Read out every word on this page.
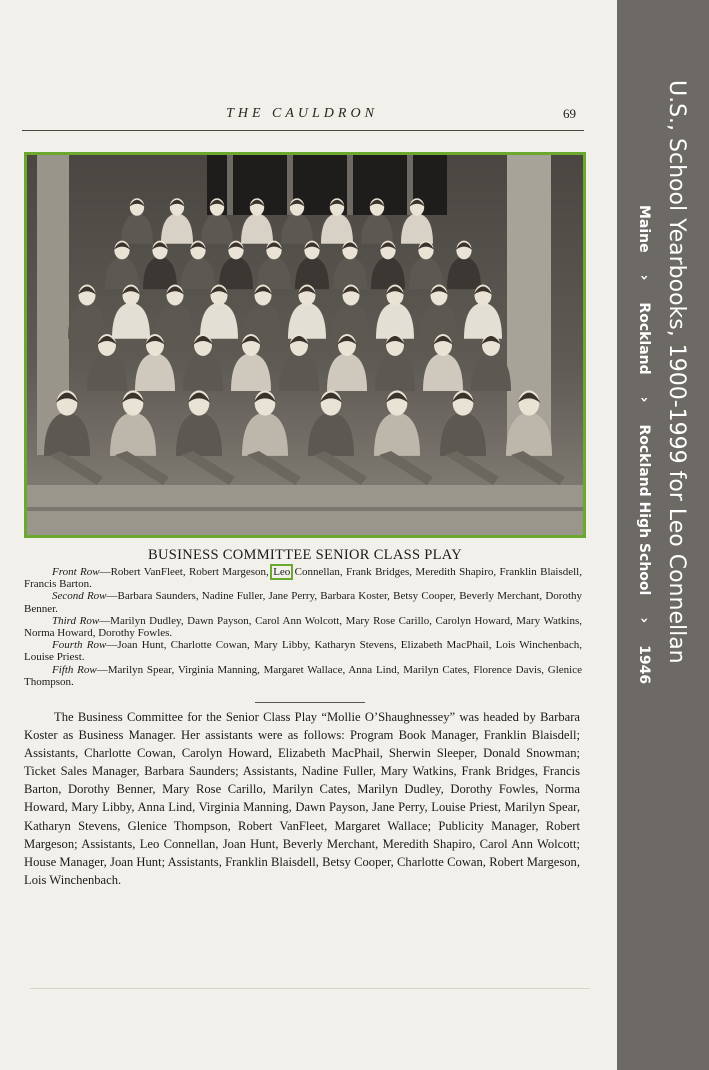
THE CAULDRON	69
BUSINESS COMMITTEE SENIOR CLASS PLAY

Front Row—Robert VanFleet, Robert Margeson, Leo Connellan, Frank Bridges, Meredith Shapiro, Franklin Blaisdell, Francis Barton.

Second Row—Barbara Saunders, Nadine Fuller, Jane Perry, Barbara Koster, Betsy Cooper, Beverly Merchant, Dorothy Benner.

Third Row—Marilyn Dudley, Dawn Payson, Carol Ann Wolcott, Mary Rose Carillo, Carolyn Howard, Mary Watkins, Norma Howard, Dorothy Fowles.

Fourth Row—Joan Hunt, Charlotte Cowan, Mary Libby, Katharyn Stevens, Elizabeth MacPhail, Lois Winchenbach, Louise Priest.

Fifth Row—Marilyn Spear, Virginia Manning, Margaret Wallace, Anna Lind, Marilyn Cates, Florence Davis, Glenice Thompson.

The Business Committee for the Senior Class Play “Mollie O’Shaughnessey” was headed by Barbara Koster as Business Manager. Her assistants were as follows: Program Book Manager, Franklin Blaisdell; Assistants, Charlotte Cowan, Carolyn Howard, Elizabeth MacPhail, Sherwin Sleeper, Donald Snowman; Ticket Sales Manager, Barbara Saunders; Assistants, Nadine Fuller, Mary Watkins, Frank Bridges, Francis Barton, Dorothy Benner, Mary Rose Carillo, Marilyn Cates, Marilyn Dudley, Dorothy Fowles, Norma Howard, Mary Libby, Anna Lind, Virginia Manning, Dawn Payson, Jane Perry, Louise Priest, Marilyn Spear, Katharyn Stevens, Glenice Thompson, Robert VanFleet, Margaret Wallace; Publicity Manager, Robert Margeson; Assistants, Leo Connellan, Joan Hunt, Beverly Merchant, Meredith Shapiro, Carol Ann Wolcott; House Manager, Joan Hunt; Assistants, Franklin Blaisdell, Betsy Cooper, Charlotte Cowan, Robert Margeson, Lois Winchenbach.

U.S., School Yearbooks, 1900-1999 for Leo Connellan
Maine
›
Rockland
›
Rockland High School
›
1946
